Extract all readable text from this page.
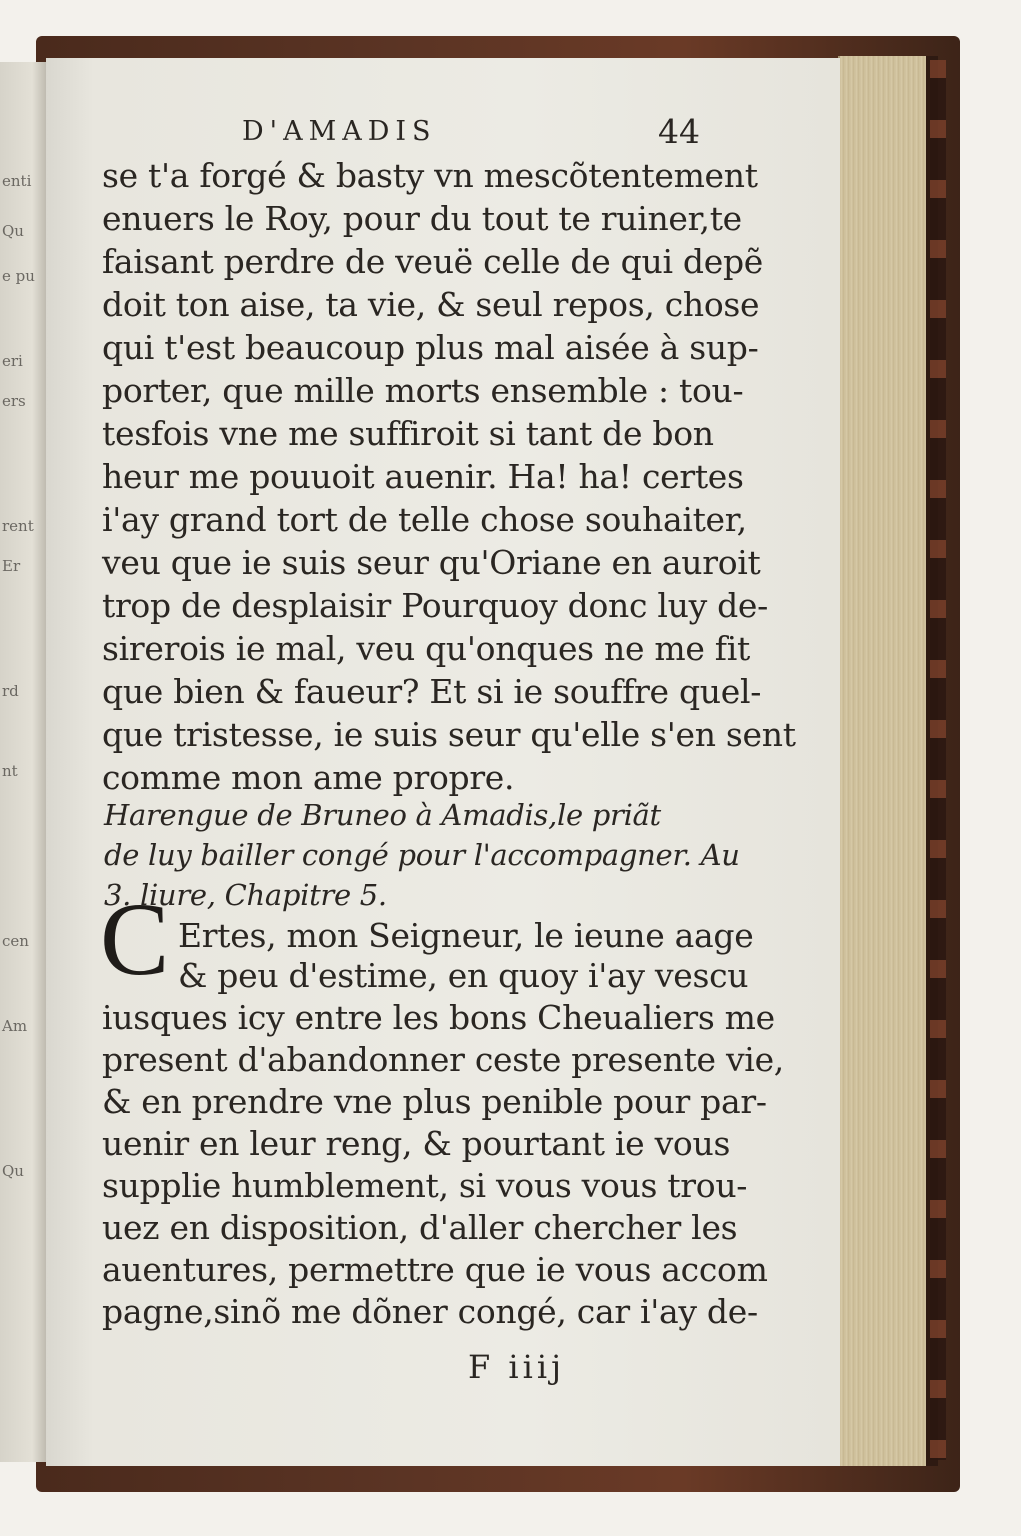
enti
Qu
e pu
eri
ers
rent
Er
rd
nt
cen
Am
Qu
D'AMADIS	44
se t'a forgé & basty vn mescõtentement
enuers le Roy, pour du tout te ruiner,te
faisant perdre de veuë celle de qui depẽ
doit ton aise, ta vie, & seul repos, chose
qui t'est beaucoup plus mal aisée à sup-
porter, que mille morts ensemble : tou-
tesfois vne me suffiroit si tant de bon
heur me pouuoit auenir. Ha! ha! certes
i'ay grand tort de telle chose souhaiter,
veu que ie suis seur qu'Oriane en auroit
trop de desplaisir Pourquoy donc luy de-
sirerois ie mal, veu qu'onques ne me fit
que bien & faueur? Et si ie souffre quel-
que tristesse, ie suis seur qu'elle s'en sent
comme mon ame propre.
Harengue de Bruneo à Amadis,le priãt
de luy bailler congé pour l'accompagner. Au
3. liure, Chapitre 5.
C Ertes, mon Seigneur, le ieune aage
& peu d'estime, en quoy i'ay vescu
iusques icy entre les bons Cheualiers me
present d'abandonner ceste presente vie,
& en prendre vne plus penible pour par-
uenir en leur reng, & pourtant ie vous
supplie humblement, si vous vous trou-
uez en disposition, d'aller chercher les
auentures, permettre que ie vous accom
pagne,sinõ me dõner congé, car i'ay de-
F iiij
